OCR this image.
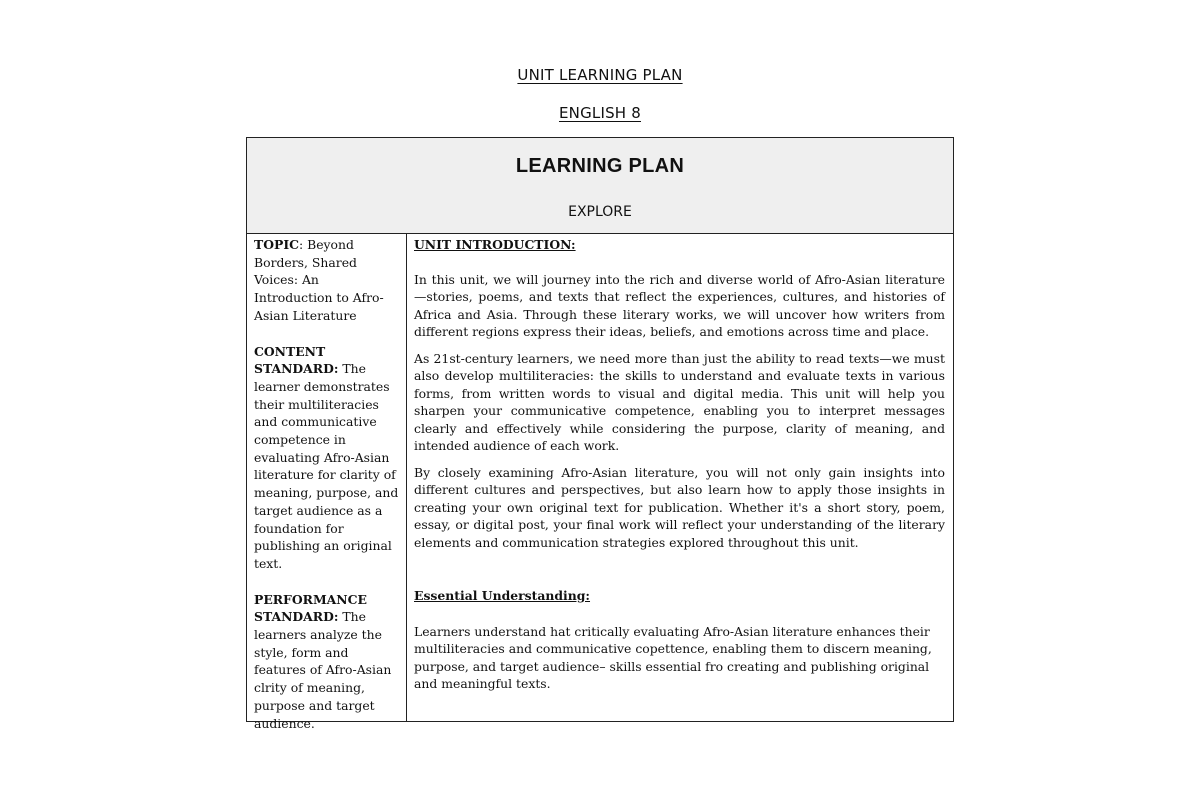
UNIT LEARNING PLAN
ENGLISH 8
LEARNING PLAN
EXPLORE

TOPIC: Beyond Borders, Shared Voices: An Introduction to Afro-Asian Literature

CONTENT STANDARD: The learner demonstrates their multiliteracies and communicative competence in evaluating Afro-Asian literature for clarity of meaning, purpose, and target audience as a foundation for publishing an original text.

PERFORMANCE STANDARD: The learners analyze the style, form and features of Afro-Asian clrity of meaning, purpose and target audience.

UNIT INTRODUCTION:

In this unit, we will journey into the rich and diverse world of Afro-Asian literature—stories, poems, and texts that reflect the experiences, cultures, and histories of Africa and Asia. Through these literary works, we will uncover how writers from different regions express their ideas, beliefs, and emotions across time and place.

As 21st-century learners, we need more than just the ability to read texts—we must also develop multiliteracies: the skills to understand and evaluate texts in various forms, from written words to visual and digital media. This unit will help you sharpen your communicative competence, enabling you to interpret messages clearly and effectively while considering the purpose, clarity of meaning, and intended audience of each work.

By closely examining Afro-Asian literature, you will not only gain insights into different cultures and perspectives, but also learn how to apply those insights in creating your own original text for publication. Whether it's a short story, poem, essay, or digital post, your final work will reflect your understanding of the literary elements and communication strategies explored throughout this unit.

Essential Understanding:

Learners understand hat critically evaluating Afro-Asian literature enhances their multiliteracies and communicative copettence, enabling them to discern meaning, purpose, and target audience– skills essential fro creating and publishing original and meaningful texts.
